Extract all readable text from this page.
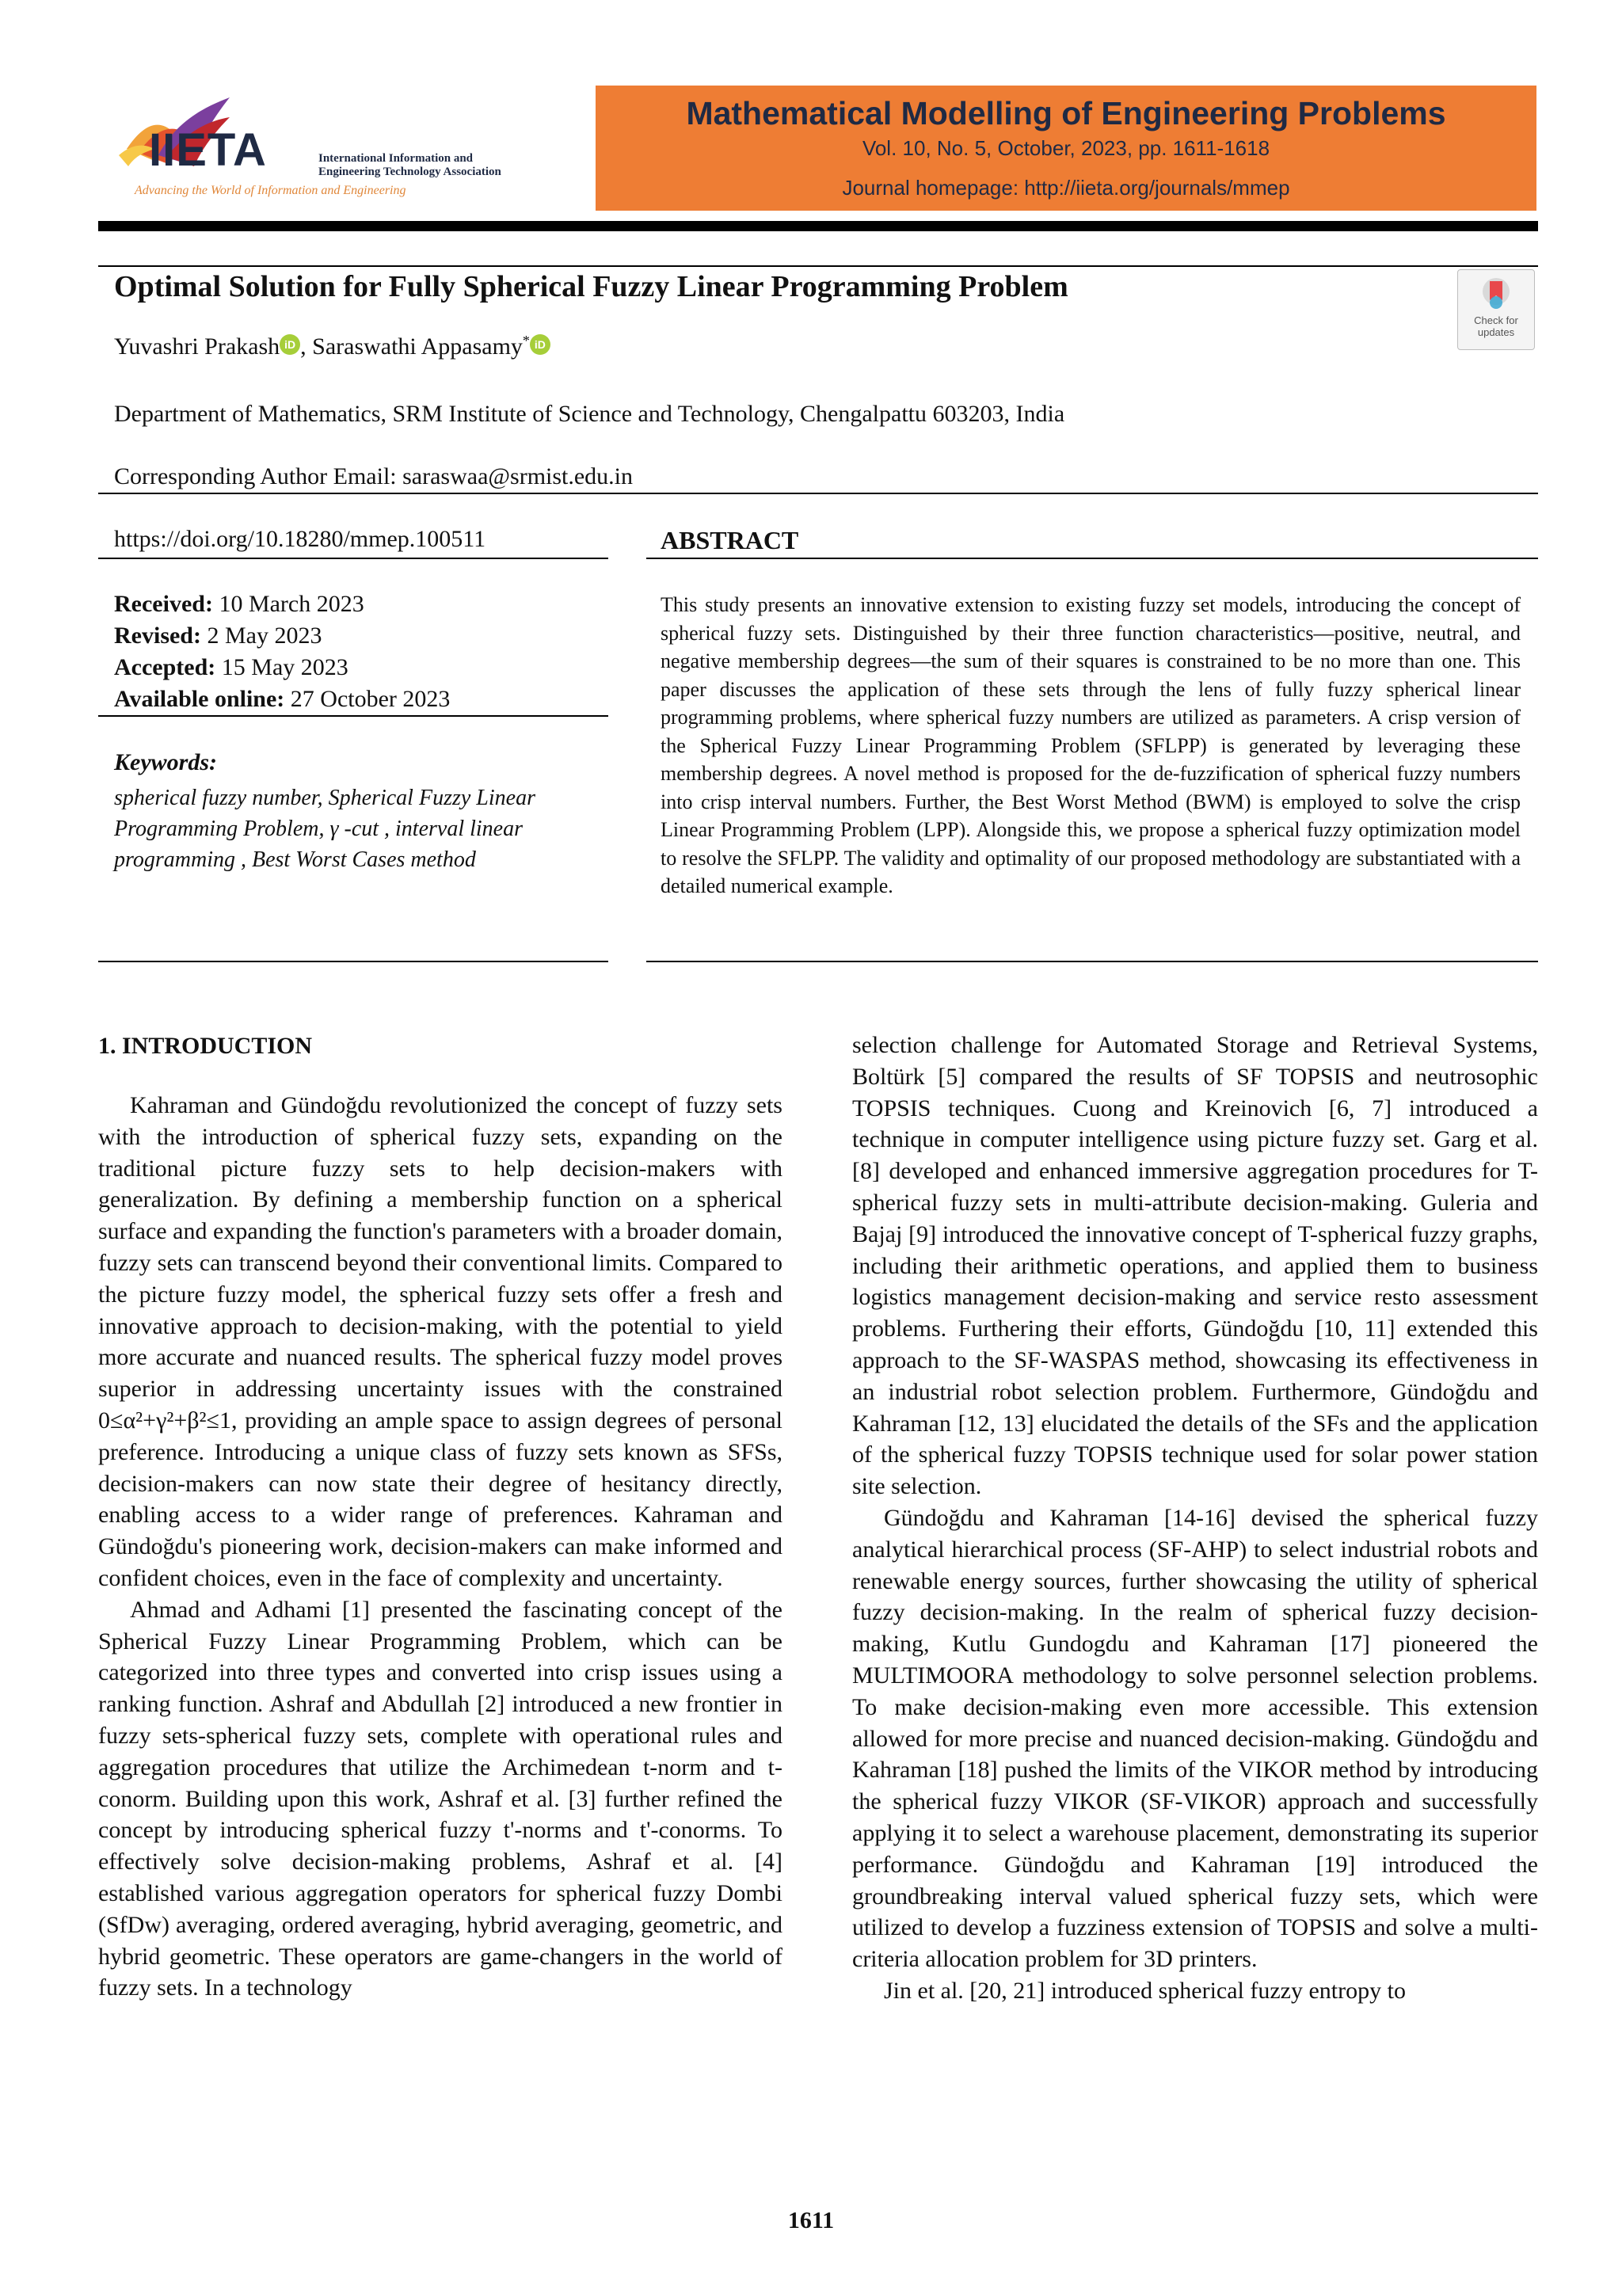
IIETA	International Information and
Engineering Technology Association
Advancing the World of Information and Engineering
Mathematical Modelling of Engineering Problems
Vol. 10, No. 5, October, 2023, pp. 1611-1618
Journal homepage: http://iieta.org/journals/mmep
Optimal Solution for Fully Spherical Fuzzy Linear Programming Problem
Check for
updates
Yuvashri Prakash iD , Saraswathi Appasamy* iD
Department of Mathematics, SRM Institute of Science and Technology, Chengalpattu 603203, India
Corresponding Author Email: saraswaa@srmist.edu.in
https://doi.org/10.18280/mmep.100511
Received: 10 March 2023
Revised: 2 May 2023
Accepted: 15 May 2023
Available online: 27 October 2023
Keywords:
spherical fuzzy number, Spherical Fuzzy Linear Programming Problem, γ -cut , interval linear programming , Best Worst Cases method
ABSTRACT
This study presents an innovative extension to existing fuzzy set models, introducing the concept of spherical fuzzy sets. Distinguished by their three function characteristics—positive, neutral, and negative membership degrees—the sum of their squares is constrained to be no more than one. This paper discusses the application of these sets through the lens of fully fuzzy spherical linear programming problems, where spherical fuzzy numbers are utilized as parameters. A crisp version of the Spherical Fuzzy Linear Programming Problem (SFLPP) is generated by leveraging these membership degrees. A novel method is proposed for the de-fuzzification of spherical fuzzy numbers into crisp interval numbers. Further, the Best Worst Method (BWM) is employed to solve the crisp Linear Programming Problem (LPP). Alongside this, we propose a spherical fuzzy optimization model to resolve the SFLPP. The validity and optimality of our proposed methodology are substantiated with a detailed numerical example.
1. INTRODUCTION

Kahraman and Gündoğdu revolutionized the concept of fuzzy sets with the introduction of spherical fuzzy sets, expanding on the traditional picture fuzzy sets to help decision-makers with generalization. By defining a membership function on a spherical surface and expanding the function's parameters with a broader domain, fuzzy sets can transcend beyond their conventional limits. Compared to the picture fuzzy model, the spherical fuzzy sets offer a fresh and innovative approach to decision-making, with the potential to yield more accurate and nuanced results. The spherical fuzzy model proves superior in addressing uncertainty issues with the constrained 0≤α²+γ²+β²≤1, providing an ample space to assign degrees of personal preference. Introducing a unique class of fuzzy sets known as SFSs, decision-makers can now state their degree of hesitancy directly, enabling access to a wider range of preferences. Kahraman and Gündoğdu's pioneering work, decision-makers can make informed and confident choices, even in the face of complexity and uncertainty.

Ahmad and Adhami [1] presented the fascinating concept of the Spherical Fuzzy Linear Programming Problem, which can be categorized into three types and converted into crisp issues using a ranking function. Ashraf and Abdullah [2] introduced a new frontier in fuzzy sets-spherical fuzzy sets, complete with operational rules and aggregation procedures that utilize the Archimedean t-norm and t-conorm. Building upon this work, Ashraf et al. [3] further refined the concept by introducing spherical fuzzy t'-norms and t'-conorms. To effectively solve decision-making problems, Ashraf et al. [4] established various aggregation operators for spherical fuzzy Dombi (SfDw) averaging, ordered averaging, hybrid averaging, geometric, and hybrid geometric. These operators are game-changers in the world of fuzzy sets. In a technology

selection challenge for Automated Storage and Retrieval Systems, Boltürk [5] compared the results of SF TOPSIS and neutrosophic TOPSIS techniques. Cuong and Kreinovich [6, 7] introduced a technique in computer intelligence using picture fuzzy set. Garg et al. [8] developed and enhanced immersive aggregation procedures for T-spherical fuzzy sets in multi-attribute decision-making. Guleria and Bajaj [9] introduced the innovative concept of T-spherical fuzzy graphs, including their arithmetic operations, and applied them to business logistics management decision-making and service resto assessment problems. Furthering their efforts, Gündoğdu [10, 11] extended this approach to the SF-WASPAS method, showcasing its effectiveness in an industrial robot selection problem. Furthermore, Gündoğdu and Kahraman [12, 13] elucidated the details of the SFs and the application of the spherical fuzzy TOPSIS technique used for solar power station site selection.

Gündoğdu and Kahraman [14-16] devised the spherical fuzzy analytical hierarchical process (SF-AHP) to select industrial robots and renewable energy sources, further showcasing the utility of spherical fuzzy decision-making. In the realm of spherical fuzzy decision-making, Kutlu Gundogdu and Kahraman [17] pioneered the MULTIMOORA methodology to solve personnel selection problems. To make decision-making even more accessible. This extension allowed for more precise and nuanced decision-making. Gündoğdu and Kahraman [18] pushed the limits of the VIKOR method by introducing the spherical fuzzy VIKOR (SF-VIKOR) approach and successfully applying it to select a warehouse placement, demonstrating its superior performance. Gündoğdu and Kahraman [19] introduced the groundbreaking interval valued spherical fuzzy sets, which were utilized to develop a fuzziness extension of TOPSIS and solve a multi-criteria allocation problem for 3D printers.

Jin et al. [20, 21] introduced spherical fuzzy entropy to

1611
